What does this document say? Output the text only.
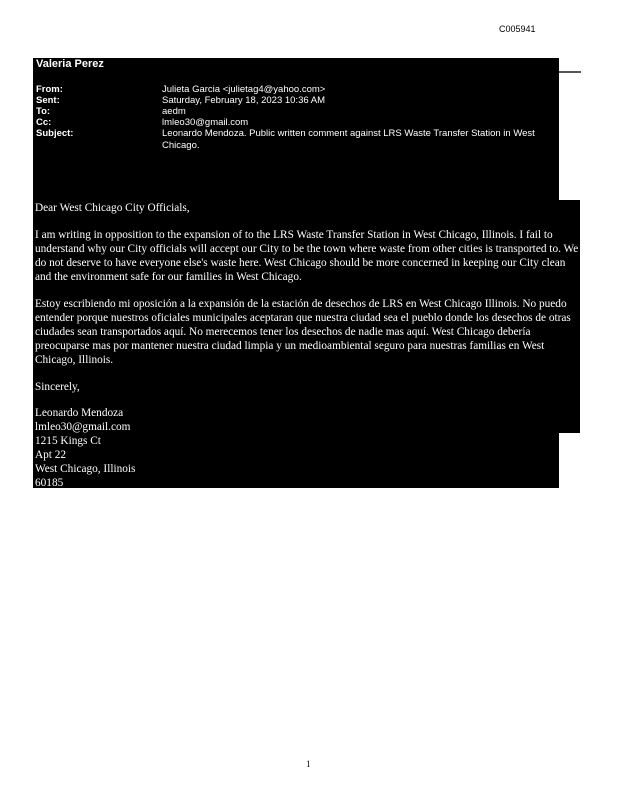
C005941
Valeria Perez
From:	Julieta Garcia <julietag4@yahoo.com>
Sent:	Saturday, February 18, 2023 10:36 AM
To:	aedm
Cc:	lmleo30@gmail.com
Subject:	Leonardo Mendoza. Public written comment against LRS Waste Transfer Station in West Chicago.
Dear West Chicago City Officials,
I am writing in opposition to the expansion of to the LRS Waste Transfer Station in West Chicago, Illinois. I fail to understand why our City officials will accept our City to be the town where waste from other cities is transported to. We do not deserve to have everyone else's waste here. West Chicago should be more concerned in keeping our City clean and the environment safe for our families in West Chicago.
Estoy escribiendo mi oposición a la expansión de la estación de desechos de LRS en West Chicago Illinois. No puedo entender porque nuestros oficiales municipales aceptaran que nuestra ciudad sea el pueblo donde los desechos de otras ciudades sean transportados aquí. No merecemos tener los desechos de nadie mas aquí. West Chicago debería preocuparse mas por mantener nuestra ciudad limpia y un medioambiental seguro para nuestras familias en West Chicago, Illinois.
Sincerely,
Leonardo Mendoza
lmleo30@gmail.com
1215 Kings Ct
Apt 22
West Chicago, Illinois
60185
1
